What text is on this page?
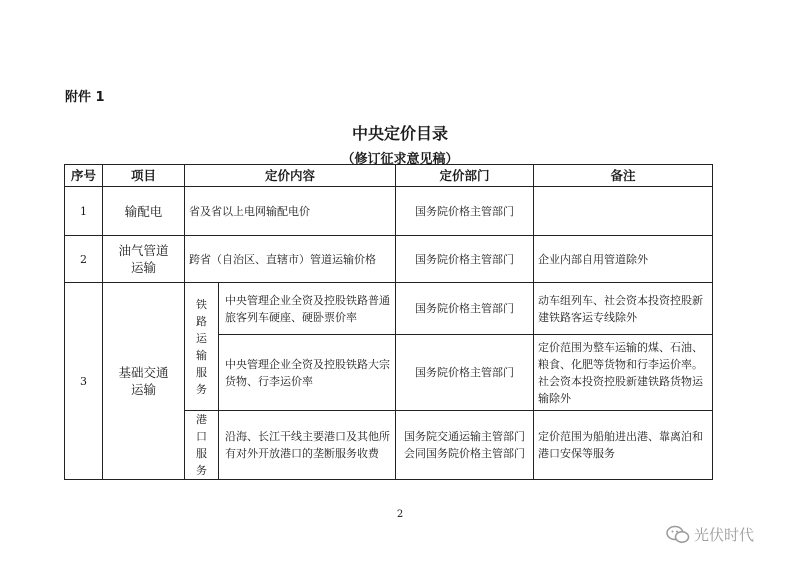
附件 1
中央定价目录
（修订征求意见稿）
序号	项目	定价内容		定价部门	备注
1	输配电	省及省以上电网输配电价		国务院价格主管部门	
2	油气管道运输	跨省（自治区、直辖市）管道运输价格		国务院价格主管部门	企业内部自用管道除外
3	基础交通运输	铁路运输服务	中央管理企业全资及控股铁路普通旅客列车硬座、硬卧票价率	国务院价格主管部门	动车组列车、社会资本投资控股新建铁路客运专线除外
			中央管理企业全资及控股铁路大宗货物、行李运价率	国务院价格主管部门	定价范围为整车运输的煤、石油、粮食、化肥等货物和行李运价率。社会资本投资控股新建铁路货物运输除外
		港口服务	沿海、长江干线主要港口及其他所有对外开放港口的垄断服务收费	国务院交通运输主管部门会同国务院价格主管部门	定价范围为船舶进出港、靠离泊和港口安保等服务
2
光伏时代
